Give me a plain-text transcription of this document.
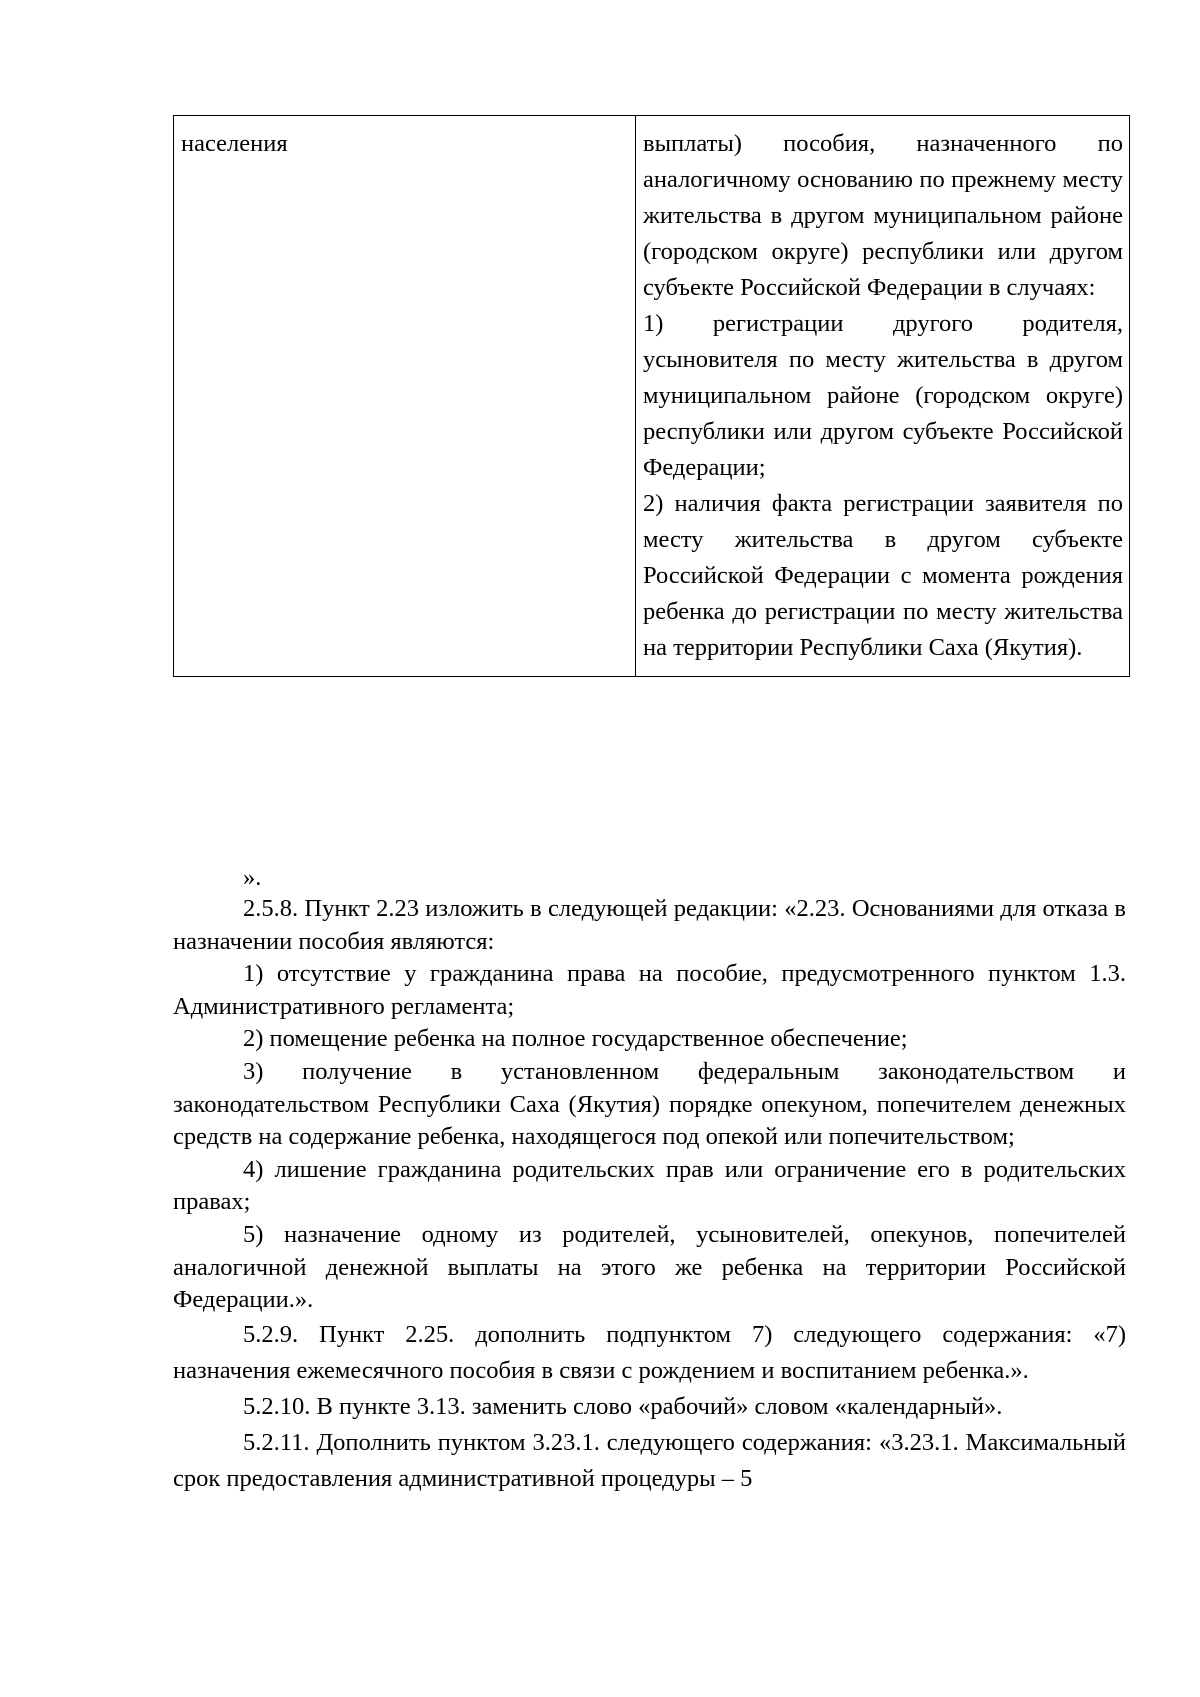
населения	выплаты) пособия, назначенного по аналогичному основанию по прежнему месту жительства в другом муниципальном районе (городском округе) республики или другом субъекте Российской Федерации в случаях:

1) регистрации другого родителя, усыновителя по месту жительства в другом муниципальном районе (городском округе) республики или другом субъекте Российской Федерации;

2) наличия факта регистрации заявителя по месту жительства в другом субъекте Российской Федерации с момента рождения ребенка до регистрации по месту жительства на территории Республики Саха (Якутия).

».

2.5.8. Пункт 2.23 изложить в следующей редакции: «2.23. Основаниями для отказа в назначении пособия являются:

1) отсутствие у гражданина права на пособие, предусмотренного пунктом 1.3. Административного регламента;

2) помещение ребенка на полное государственное обеспечение;

3) получение в установленном федеральным законодательством и законодательством Республики Саха (Якутия) порядке опекуном, попечителем денежных средств на содержание ребенка, находящегося под опекой или попечительством;

4) лишение гражданина родительских прав или ограничение его в родительских правах;

5) назначение одному из родителей, усыновителей, опекунов, попечителей аналогичной денежной выплаты на этого же ребенка на территории Российской Федерации.».

5.2.9. Пункт 2.25. дополнить подпунктом 7) следующего содержания: «7) назначения ежемесячного пособия в связи с рождением и воспитанием ребенка.».

5.2.10. В пункте 3.13. заменить слово «рабочий» словом «календарный».

5.2.11. Дополнить пунктом 3.23.1. следующего содержания: «3.23.1. Максимальный срок предоставления административной процедуры – 5
